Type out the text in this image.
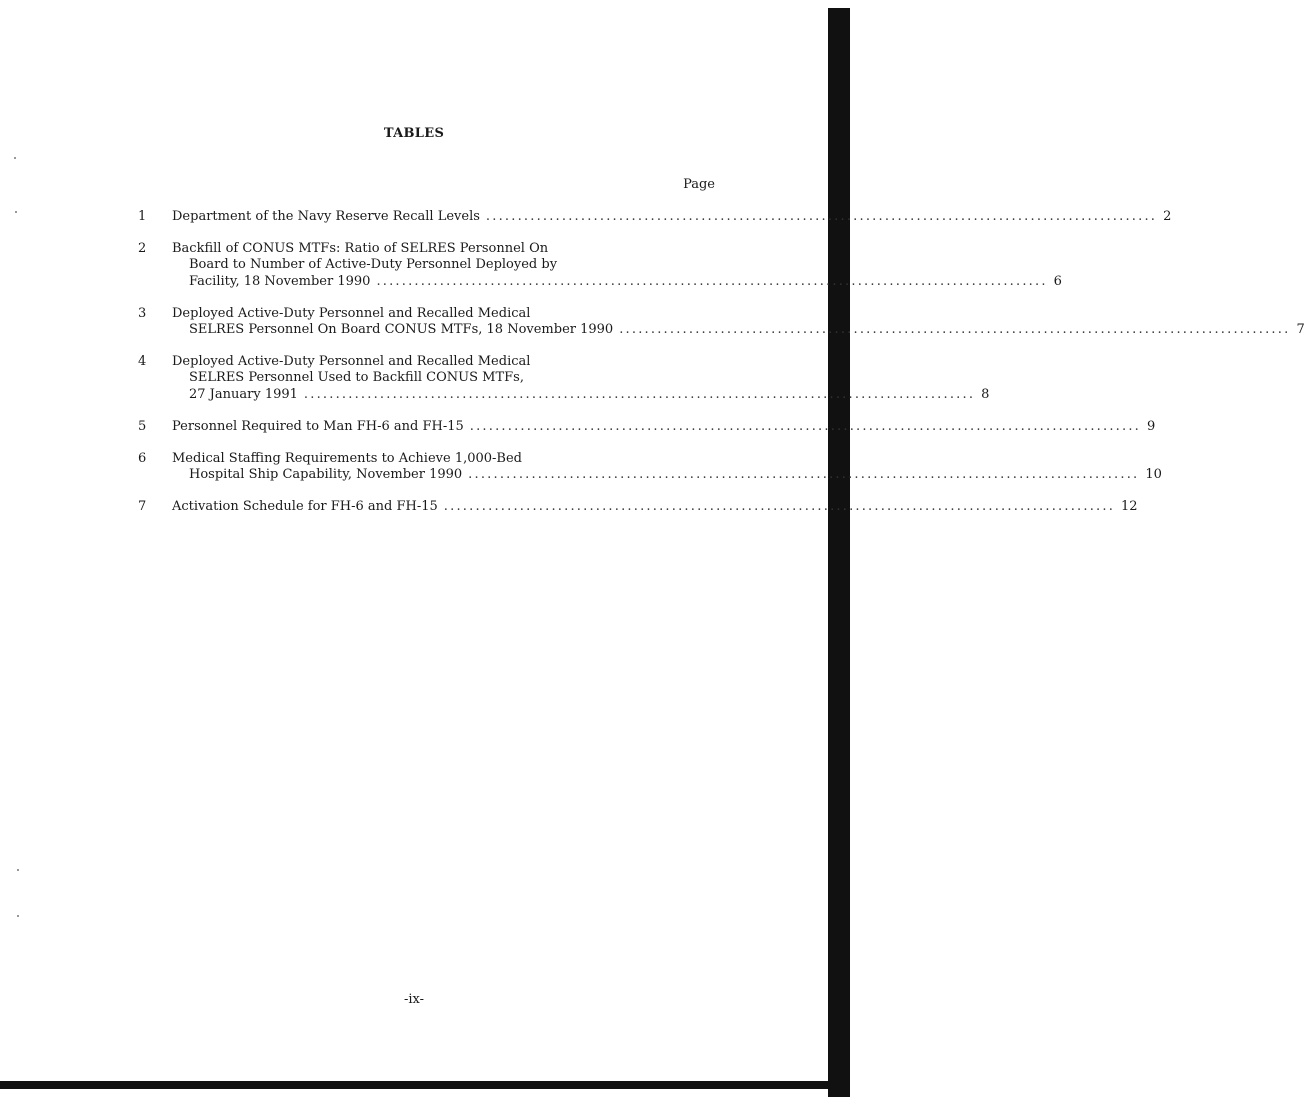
TABLES
Page
1	Department of the Navy Reserve Recall Levels .......................................................................................................... 2
2	Backfill of CONUS MTFs: Ratio of SELRES Personnel On
Board to Number of Active-Duty Personnel Deployed by
Facility, 18 November 1990 .......................................................................................................... 6
3	Deployed Active-Duty Personnel and Recalled Medical
SELRES Personnel On Board CONUS MTFs, 18 November 1990 .......................................................................................................... 7
4	Deployed Active-Duty Personnel and Recalled Medical
SELRES Personnel Used to Backfill CONUS MTFs,
27 January 1991 .......................................................................................................... 8
5	Personnel Required to Man FH-6 and FH-15 .......................................................................................................... 9
6	Medical Staffing Requirements to Achieve 1,000-Bed
Hospital Ship Capability, November 1990 .......................................................................................................... 10
7	Activation Schedule for FH-6 and FH-15 .......................................................................................................... 12
-ix-
